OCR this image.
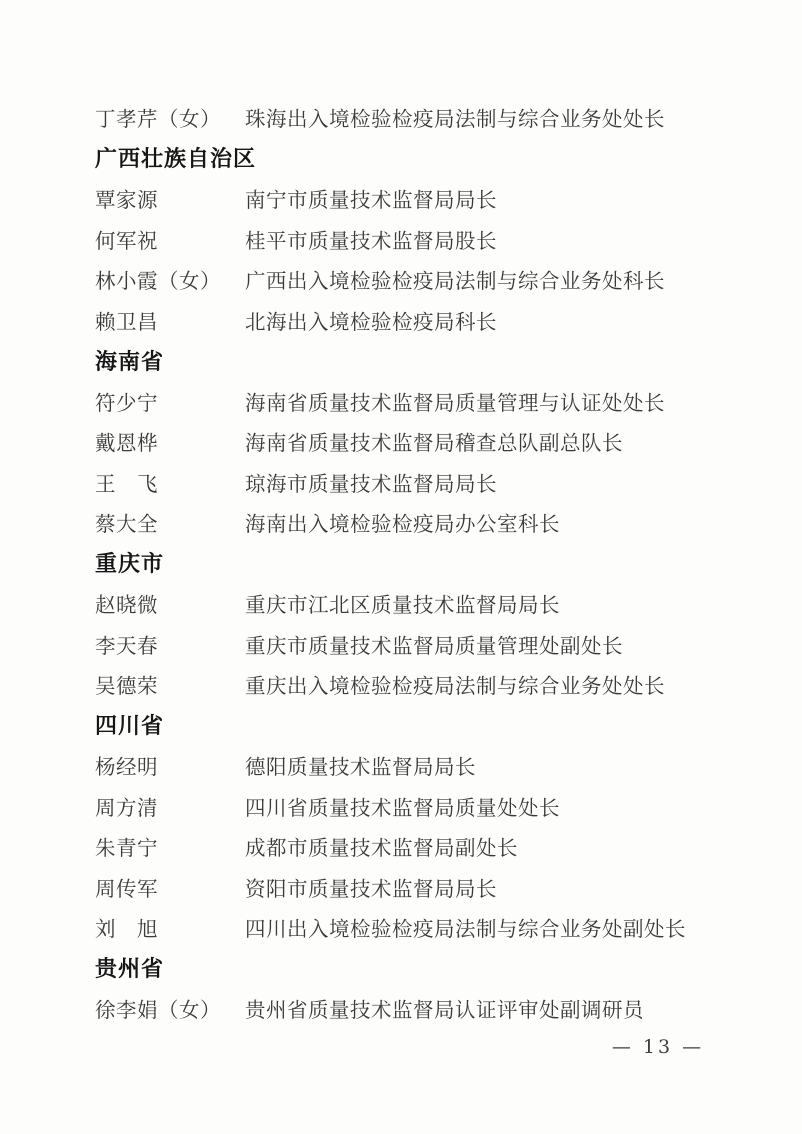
丁孝芹（女）	珠海出入境检验检疫局法制与综合业务处处长
广西壮族自治区
覃家源	南宁市质量技术监督局局长
何军祝	桂平市质量技术监督局股长
林小霞（女）	广西出入境检验检疫局法制与综合业务处科长
赖卫昌	北海出入境检验检疫局科长
海南省
符少宁	海南省质量技术监督局质量管理与认证处处长
戴恩桦	海南省质量技术监督局稽查总队副总队长
王　飞	琼海市质量技术监督局局长
蔡大全	海南出入境检验检疫局办公室科长
重庆市
赵晓微	重庆市江北区质量技术监督局局长
李天春	重庆市质量技术监督局质量管理处副处长
吴德荣	重庆出入境检验检疫局法制与综合业务处处长
四川省
杨经明	德阳质量技术监督局局长
周方清	四川省质量技术监督局质量处处长
朱青宁	成都市质量技术监督局副处长
周传军	资阳市质量技术监督局局长
刘　旭	四川出入境检验检疫局法制与综合业务处副处长
贵州省
徐李娟（女）	贵州省质量技术监督局认证评审处副调研员
— 13 —
